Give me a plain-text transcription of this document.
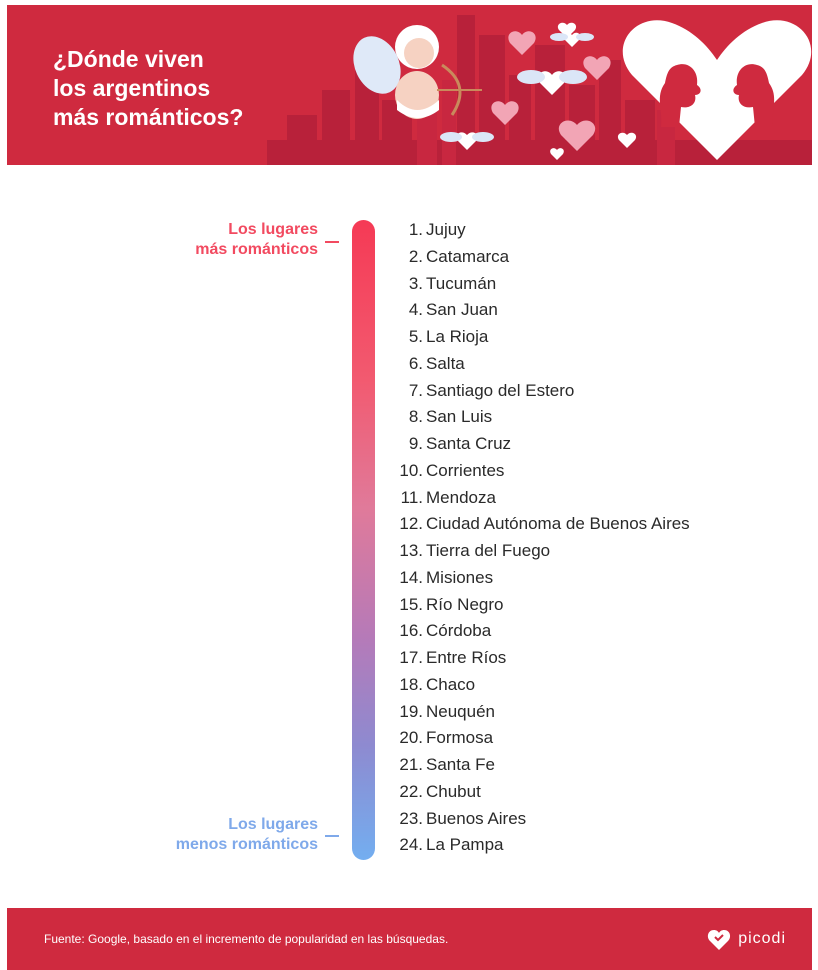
¿Dónde viven
los argentinos
más románticos?
Los lugares
más románticos
Los lugares
menos románticos
1. Jujuy
2. Catamarca
3. Tucumán
4. San Juan
5. La Rioja
6. Salta
7. Santiago del Estero
8. San Luis
9. Santa Cruz
10. Corrientes
11. Mendoza
12. Ciudad Autónoma de Buenos Aires
13. Tierra del Fuego
14. Misiones
15. Río Negro
16. Córdoba
17. Entre Ríos
18. Chaco
19. Neuquén
20. Formosa
21. Santa Fe
22. Chubut
23. Buenos Aires
24. La Pampa
Fuente: Google, basado en el incremento de popularidad en las búsquedas.	picodi
